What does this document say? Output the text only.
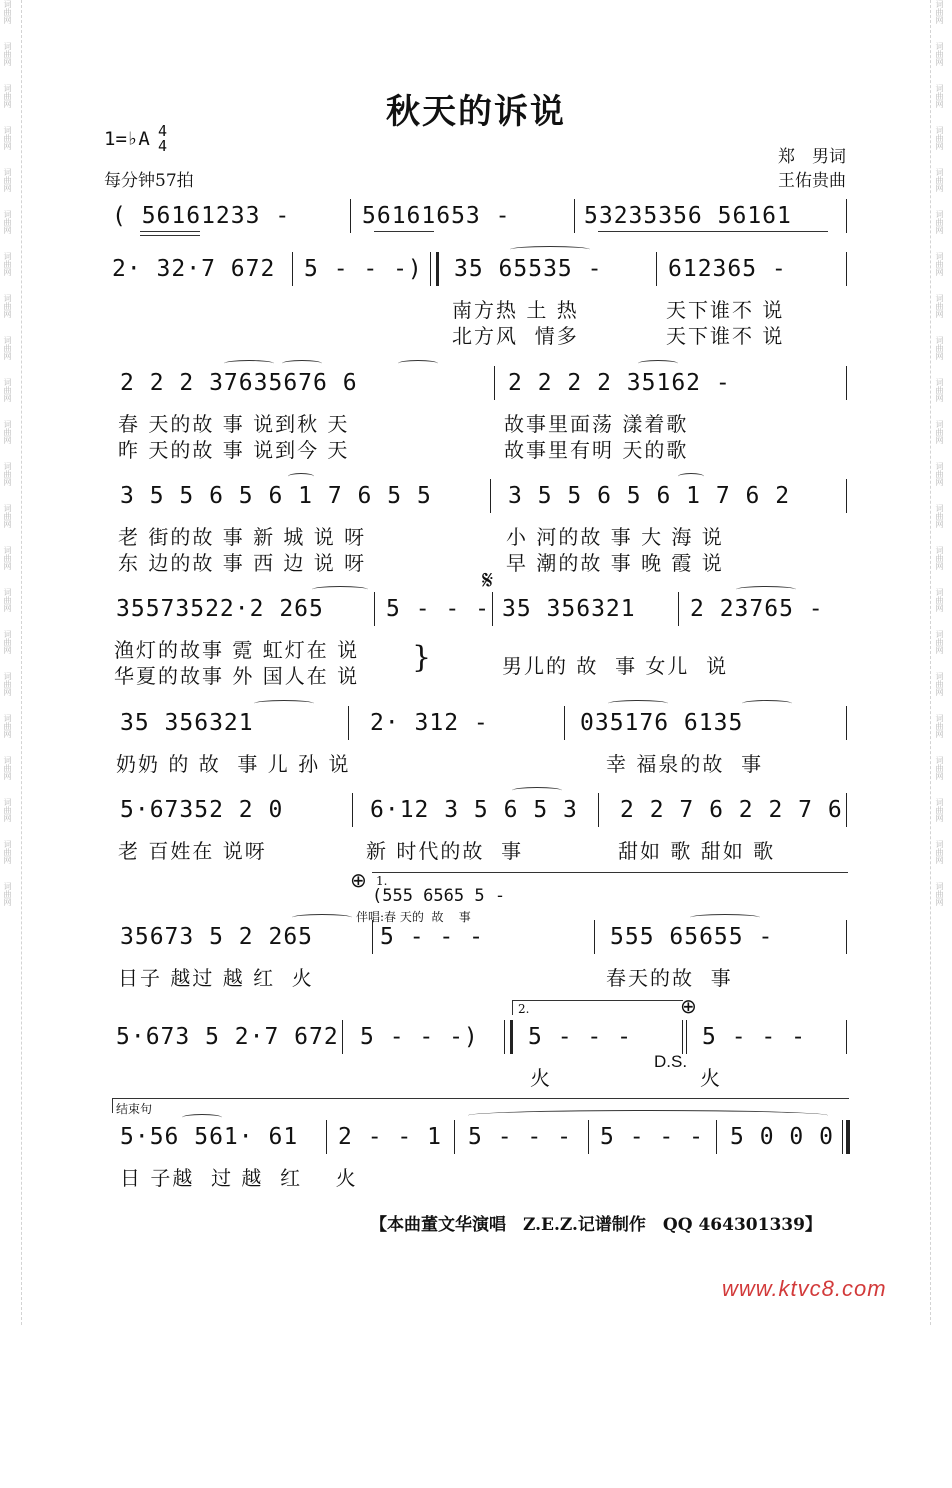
词曲网
词曲网
词曲网
词曲网
词曲网
词曲网
词曲网
词曲网
词曲网
词曲网
词曲网
词曲网
词曲网
词曲网
词曲网
词曲网
词曲网
词曲网
词曲网
词曲网
词曲网
词曲网
词曲网
词曲网
词曲网
词曲网
词曲网
词曲网
词曲网
词曲网
词曲网
词曲网
词曲网
词曲网
词曲网
词曲网
词曲网
词曲网
词曲网
词曲网
词曲网
词曲网
词曲网
词曲网
秋天的诉说
1=♭A 4
4
每分钟57拍
郑　男词
王佑贵曲

( 56161233 -

56161653 -

	53235356 56161

2· 32·7 672

5 - - -)

35 65535 -

612365 -

南方热 土 热	天下谁不 说
北方风  情多	天下谁不 说

2 2 2 37635676 6

	2 2 2 2 35162 -

春 天的故 事 说到秋 天	故事里面荡 漾着歌
昨 天的故 事 说到今 天	故事里有明 天的歌

3 5 5 6 5 6 1 7 6 5 5

	3 5 5 6 5 6 1 7 6 2

老 街的故 事 新 城 说 呀	小 河的故 事 大 海 说
东 边的故 事 西 边 说 呀	早 潮的故 事 晚 霞 说
𝄋

35573522·2 265

	5 - - -

35 356321

2 23765 -

渔灯的故事 霓 虹灯在 说
华夏的故事 外 国人在 说
}	男儿的 故  事 女儿  说

35 356321

	2· 312 -

	035176 6135

奶奶 的 故  事 儿 孙 说	幸 福泉的故  事

5·67352 2 0

	6·12 3 5 6 5 3

2 2 7 6 2 2 7 6

老 百姓在 说呀	新 时代的故  事	甜如 歌 甜如 歌
⊕ 1.
(555 6565 5 -
伴唱:春 天的  故    事

35673 5 2 265

	5 - - -

	555 65655 -

日子 越过 越 红  火	春天的故  事
2.	⊕

5·673 5 2·7 672

5 - - -)

5 - - -

5 - - -

火
D.S.
火
结束句

5·56 561· 61

2 - - 1

5 - - -

5 - - -

5 0 0 0

日 子越  过 越  红    火
【本曲董文华演唱　Z.E.Z.记谱制作　QQ 464301339】
www.ktvc8.com
